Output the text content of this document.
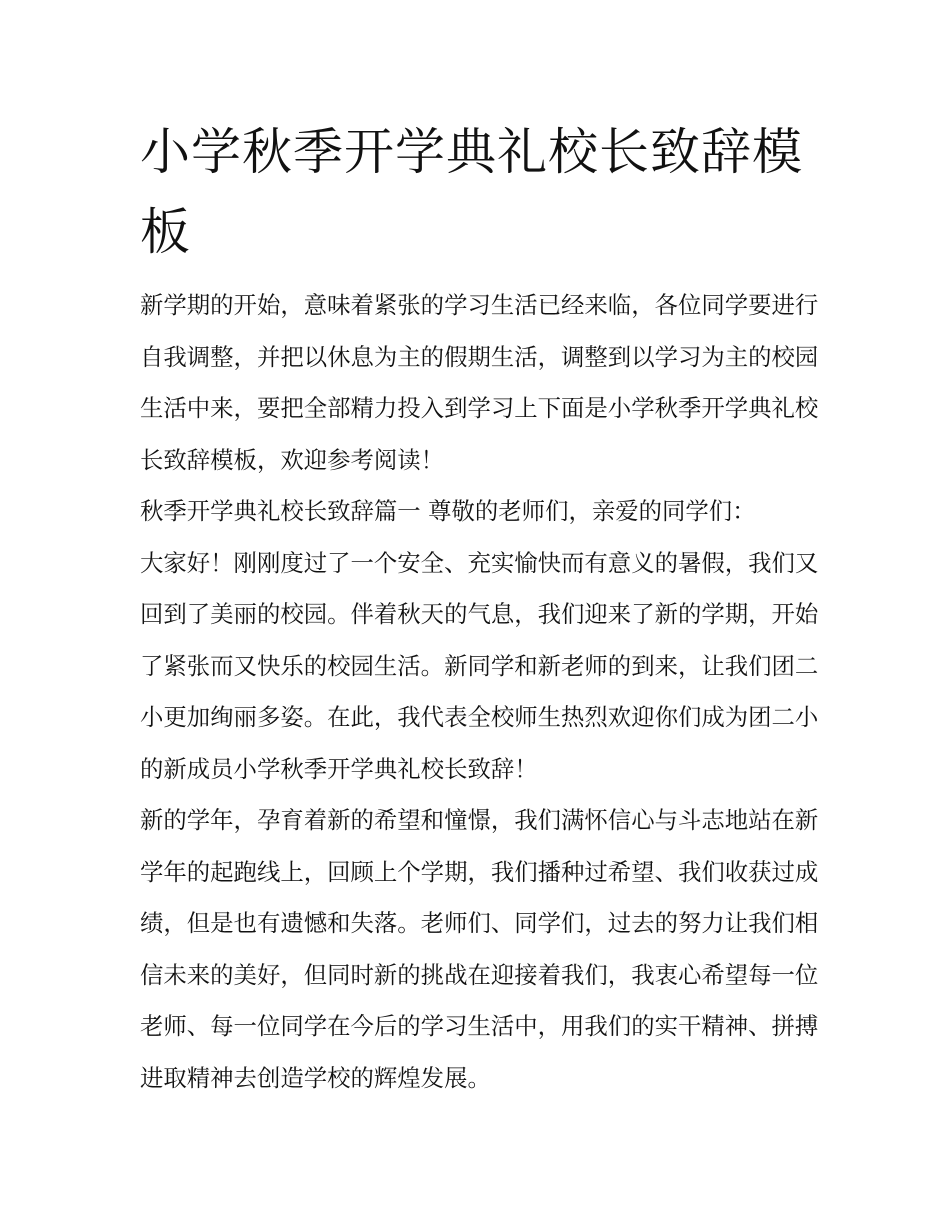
小学秋季开学典礼校长致辞模板

新学期的开始，意味着紧张的学习生活已经来临，各位同学要进行自我调整，并把以休息为主的假期生活，调整到以学习为主的校园生活中来，要把全部精力投入到学习上下面是小学秋季开学典礼校长致辞模板，欢迎参考阅读！

秋季开学典礼校长致辞篇一 尊敬的老师们，亲爱的同学们：

大家好！刚刚度过了一个安全、充实愉快而有意义的暑假，我们又回到了美丽的校园。伴着秋天的气息，我们迎来了新的学期，开始了紧张而又快乐的校园生活。新同学和新老师的到来，让我们团二小更加绚丽多姿。在此，我代表全校师生热烈欢迎你们成为团二小的新成员小学秋季开学典礼校长致辞！

新的学年，孕育着新的希望和憧憬，我们满怀信心与斗志地站在新学年的起跑线上，回顾上个学期，我们播种过希望、我们收获过成绩，但是也有遗憾和失落。老师们、同学们，过去的努力让我们相信未来的美好，但同时新的挑战在迎接着我们，我衷心希望每一位老师、每一位同学在今后的学习生活中，用我们的实干精神、拼搏进取精神去创造学校的辉煌发展。
